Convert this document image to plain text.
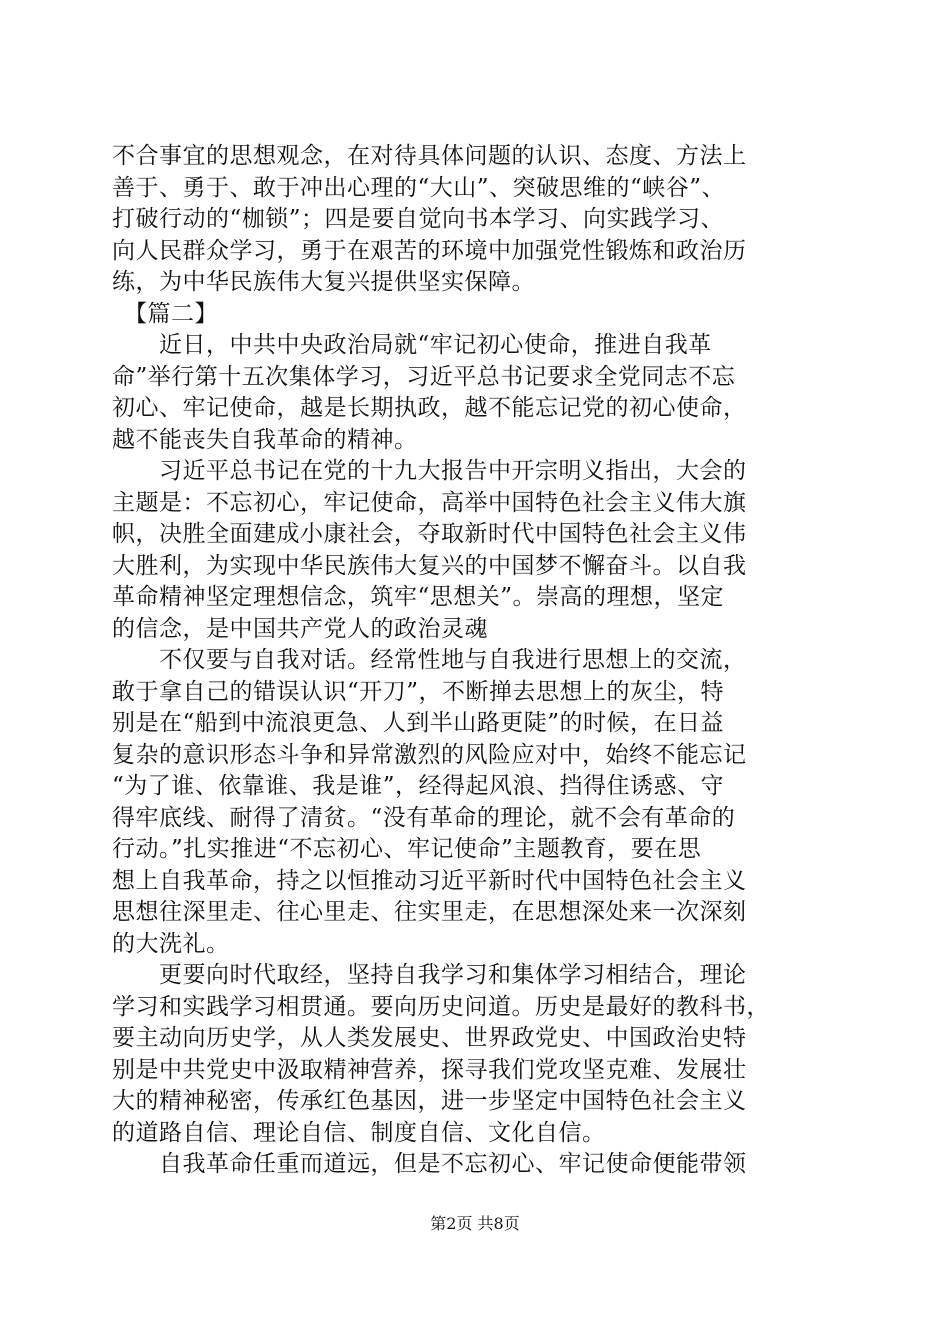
不合事宜的思想观念，在对待具体问题的认识、态度、方法上
善于、勇于、敢于冲出心理的“大山”、突破思维的“峡谷”、
打破行动的“枷锁”；四是要自觉向书本学习、向实践学习、
向人民群众学习，勇于在艰苦的环境中加强党性锻炼和政治历
练，为中华民族伟大复兴提供坚实保障。
　【篇二】
　　近日，中共中央政治局就“牢记初心使命，推进自我革
命”举行第十五次集体学习，习近平总书记要求全党同志不忘
初心、牢记使命，越是长期执政，越不能忘记党的初心使命，
越不能丧失自我革命的精神。
　　习近平总书记在党的十九大报告中开宗明义指出，大会的
主题是：不忘初心，牢记使命，高举中国特色社会主义伟大旗
帜，决胜全面建成小康社会，夺取新时代中国特色社会主义伟
大胜利，为实现中华民族伟大复兴的中国梦不懈奋斗。以自我
革命精神坚定理想信念，筑牢“思想关”。崇高的理想，坚定
的信念，是中国共产党人的政治灵魂
　　不仅要与自我对话。经常性地与自我进行思想上的交流，
敢于拿自己的错误认识“开刀”，不断掸去思想上的灰尘，特
别是在“船到中流浪更急、人到半山路更陡”的时候，在日益
复杂的意识形态斗争和异常激烈的风险应对中，始终不能忘记
“为了谁、依靠谁、我是谁”，经得起风浪、挡得住诱惑、守
得牢底线、耐得了清贫。“没有革命的理论，就不会有革命的
行动。”扎实推进“不忘初心、牢记使命”主题教育，要在思
想上自我革命，持之以恒推动习近平新时代中国特色社会主义
思想往深里走、往心里走、往实里走，在思想深处来一次深刻
的大洗礼。
　　更要向时代取经，坚持自我学习和集体学习相结合，理论
学习和实践学习相贯通。要向历史问道。历史是最好的教科书，
要主动向历史学，从人类发展史、世界政党史、中国政治史特
别是中共党史中汲取精神营养，探寻我们党攻坚克难、发展壮
大的精神秘密，传承红色基因，进一步坚定中国特色社会主义
的道路自信、理论自信、制度自信、文化自信。
　　自我革命任重而道远，但是不忘初心、牢记使命便能带领
第2页 共8页
